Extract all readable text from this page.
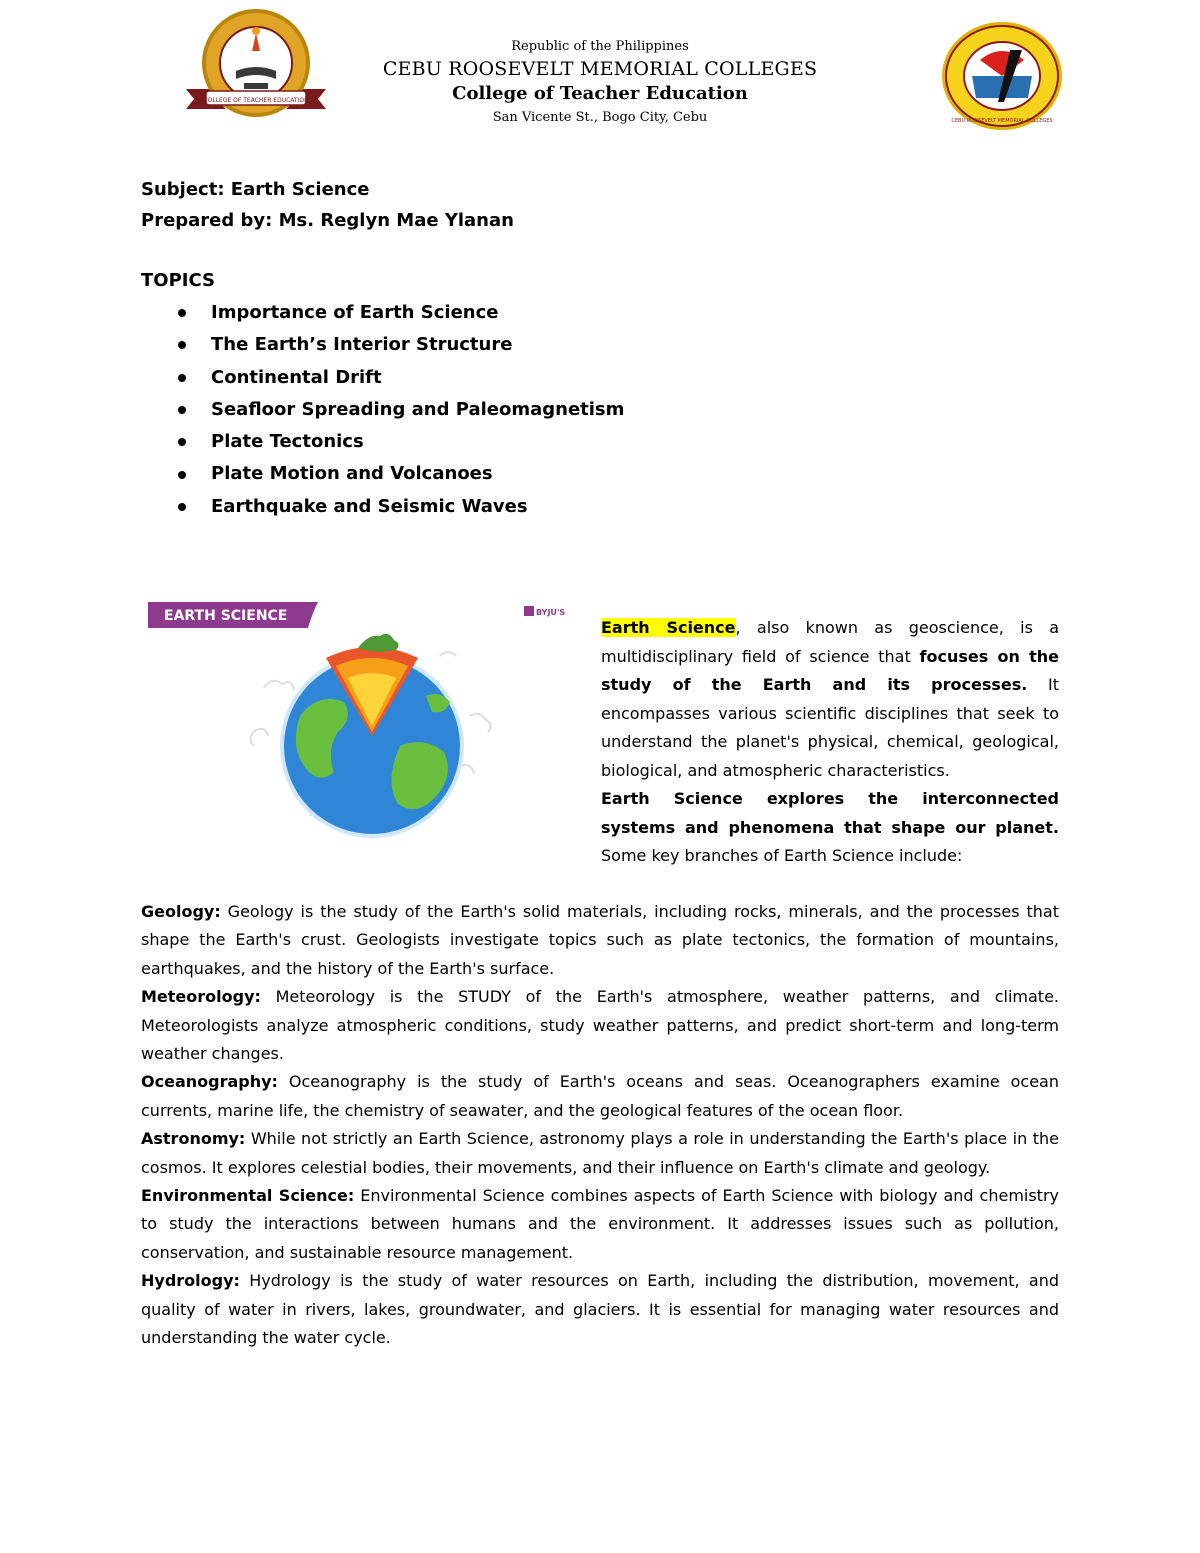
COLLEGE OF TEACHER EDUCATION
Republic of the Philippines
CEBU ROOSEVELT MEMORIAL COLLEGES
College of Teacher Education
San Vicente St., Bogo City, Cebu	CEBU ROOSEVELT MEMORIAL COLLEGES
Subject: Earth Science
Prepared by: Ms. Reglyn Mae Ylanan
TOPICS
Importance of Earth Science
The Earth’s Interior Structure
Continental Drift
Seafloor Spreading and Paleomagnetism
Plate Tectonics
Plate Motion and Volcanoes
Earthquake and Seismic Waves
EARTH SCIENCE	BYJU'S
Earth Science, also known as geoscience, is a multidisciplinary field of science that focuses on the study of the Earth and its processes. It encompasses various scientific disciplines that seek to understand the planet's physical, chemical, geological, biological, and atmospheric characteristics.
Earth Science explores the interconnected systems and phenomena that shape our planet. Some key branches of Earth Science include:

Geology: Geology is the study of the Earth's solid materials, including rocks, minerals, and the processes that shape the Earth's crust. Geologists investigate topics such as plate tectonics, the formation of mountains, earthquakes, and the history of the Earth's surface.

Meteorology: Meteorology is the STUDY of the Earth's atmosphere, weather patterns, and climate. Meteorologists analyze atmospheric conditions, study weather patterns, and predict short-term and long-term weather changes.

Oceanography: Oceanography is the study of Earth's oceans and seas. Oceanographers examine ocean currents, marine life, the chemistry of seawater, and the geological features of the ocean floor.

Astronomy: While not strictly an Earth Science, astronomy plays a role in understanding the Earth's place in the cosmos. It explores celestial bodies, their movements, and their influence on Earth's climate and geology.

Environmental Science: Environmental Science combines aspects of Earth Science with biology and chemistry to study the interactions between humans and the environment. It addresses issues such as pollution, conservation, and sustainable resource management.

Hydrology: Hydrology is the study of water resources on Earth, including the distribution, movement, and quality of water in rivers, lakes, groundwater, and glaciers. It is essential for managing water resources and understanding the water cycle.
